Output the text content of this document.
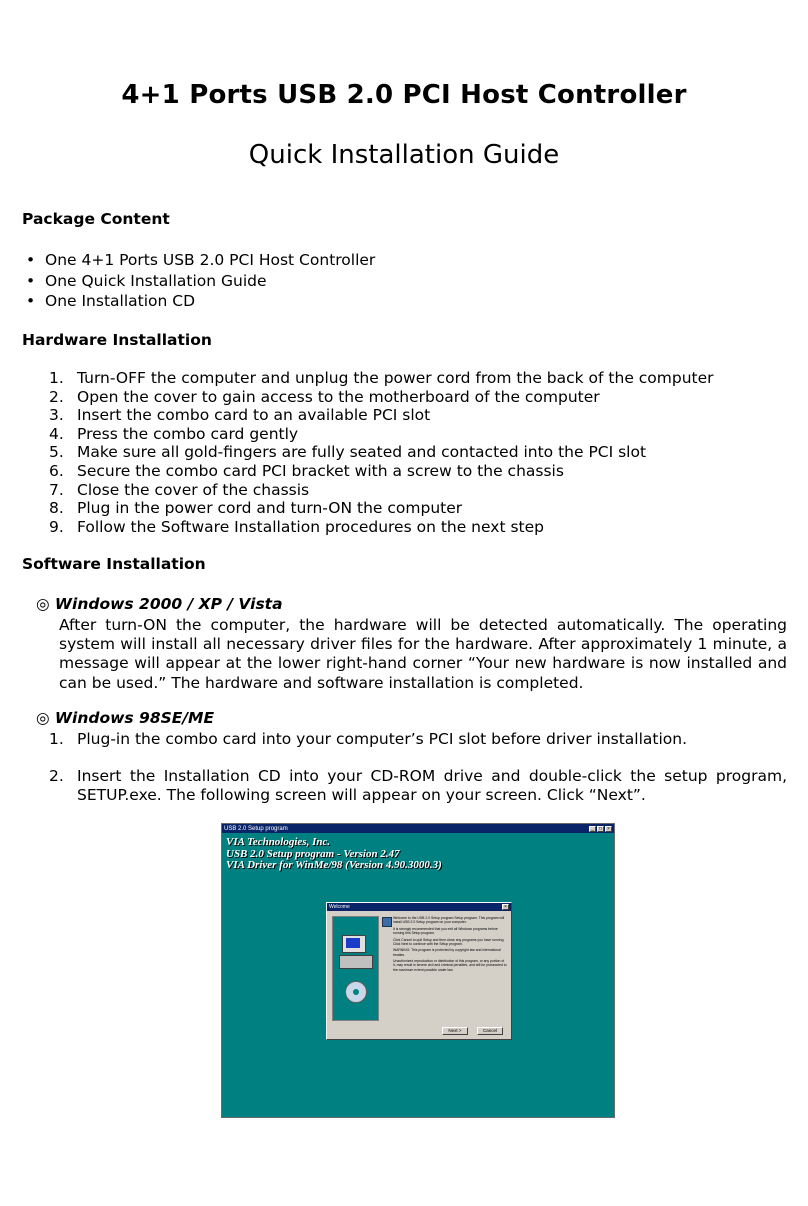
4+1 Ports USB 2.0 PCI Host Controller
Quick Installation Guide
Package Content
• One 4+1 Ports USB 2.0 PCI Host Controller
• One Quick Installation Guide
• One Installation CD
Hardware Installation
1. Turn-OFF the computer and unplug the power cord from the back of the computer
2. Open the cover to gain access to the motherboard of the computer
3. Insert the combo card to an available PCI slot
4. Press the combo card gently
5. Make sure all gold-fingers are fully seated and contacted into the PCI slot
6. Secure the combo card PCI bracket with a screw to the chassis
7. Close the cover of the chassis
8. Plug in the power cord and turn-ON the computer
9. Follow the Software Installation procedures on the next step
Software Installation
◎ Windows 2000 / XP / Vista

After turn-ON the computer, the hardware will be detected automatically. The operating system will install all necessary driver files for the hardware. After approximately 1 minute, a message will appear at the lower right-hand corner “Your new hardware is now installed and can be used.” The hardware and software installation is completed.

◎ Windows 98SE/ME
1. Plug-in the combo card into your computer’s PCI slot before driver installation.
2. Insert the Installation CD into your CD-ROM drive and double-click the setup program, SETUP.exe. The following screen will appear on your screen. Click “Next”.
USB 2.0 Setup program	_	□	×
VIA Technologies, Inc.
USB 2.0 Setup program - Version 2.47
VIA Driver for WinMe/98 (Version 4.90.3000.3)
Welcome	×

Welcome to the USB 2.0 Setup program Setup program. This program will install USB 2.0 Setup program on your computer.

It is strongly recommended that you exit all Windows programs before running this Setup program.

Click Cancel to quit Setup and then close any programs you have running. Click Next to continue with the Setup program.

WARNING: This program is protected by copyright law and international treaties.

Unauthorized reproduction or distribution of this program, or any portion of it, may result in severe civil and criminal penalties, and will be prosecuted to the maximum extent possible under law.

Next >	Cancel
